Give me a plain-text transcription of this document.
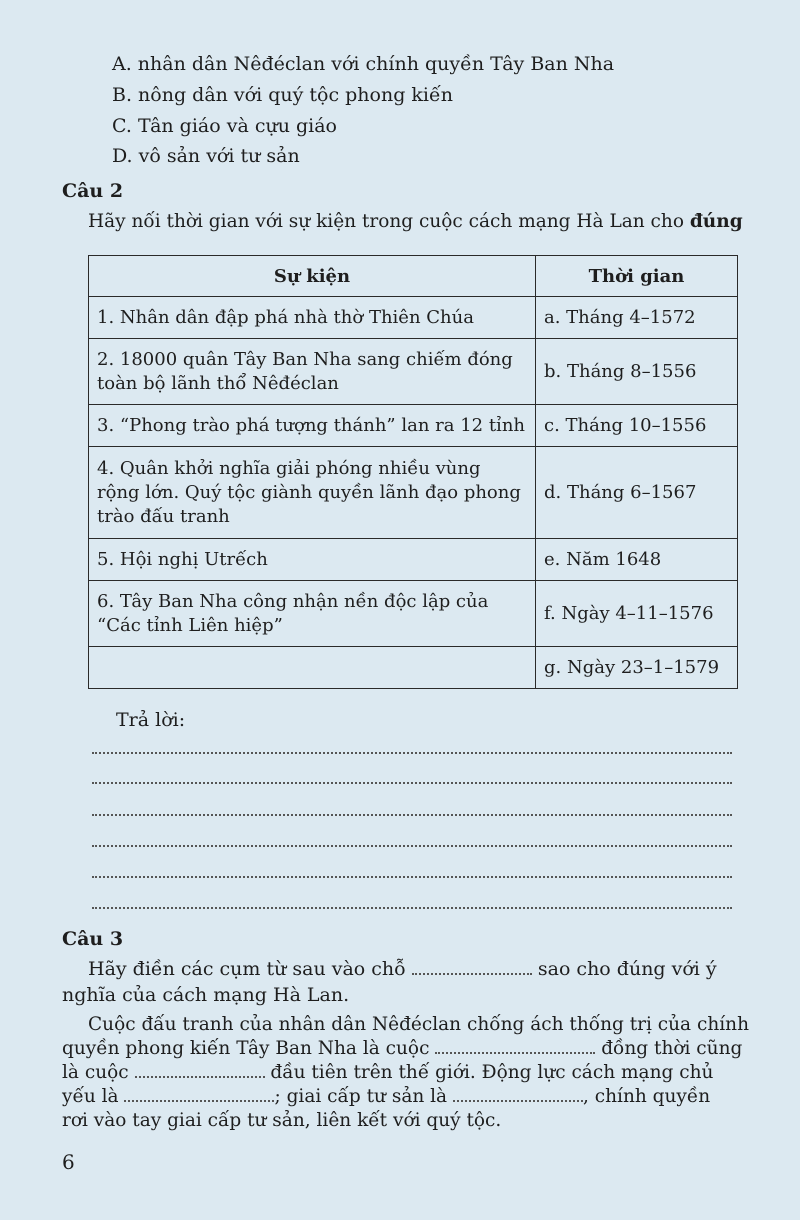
A. nhân dân Nêđéclan với chính quyền Tây Ban Nha
B. nông dân với quý tộc phong kiến
C. Tân giáo và cựu giáo
D. vô sản với tư sản
Câu 2
Hãy nối thời gian với sự kiện trong cuộc cách mạng Hà Lan cho đúng
Sự kiện	Thời gian
1. Nhân dân đập phá nhà thờ Thiên Chúa	a. Tháng 4–1572
2. 18000 quân Tây Ban Nha sang chiếm đóng toàn bộ lãnh thổ Nêđéclan	b. Tháng 8–1556
3. “Phong trào phá tượng thánh” lan ra 12 tỉnh	c. Tháng 10–1556
4. Quân khởi nghĩa giải phóng nhiều vùng rộng lớn. Quý tộc giành quyền lãnh đạo phong trào đấu tranh	d. Tháng 6–1567
5. Hội nghị Utrếch	e. Năm 1648
6. Tây Ban Nha công nhận nền độc lập của “Các tỉnh Liên hiệp”	f. Ngày 4–11–1576
	g. Ngày 23–1–1579
Trả lời:
Câu 3
Hãy điền các cụm từ sau vào chỗ	sao cho đúng với ý
nghĩa của cách mạng Hà Lan.
Cuộc đấu tranh của nhân dân Nêđéclan chống ách thống trị của chính
quyền phong kiến Tây Ban Nha là cuộc	đồng thời cũng
là cuộc	đầu tiên trên thế giới. Động lực cách mạng chủ
yếu là	; giai cấp tư sản là	, chính quyền
rơi vào tay giai cấp tư sản, liên kết với quý tộc.
6
